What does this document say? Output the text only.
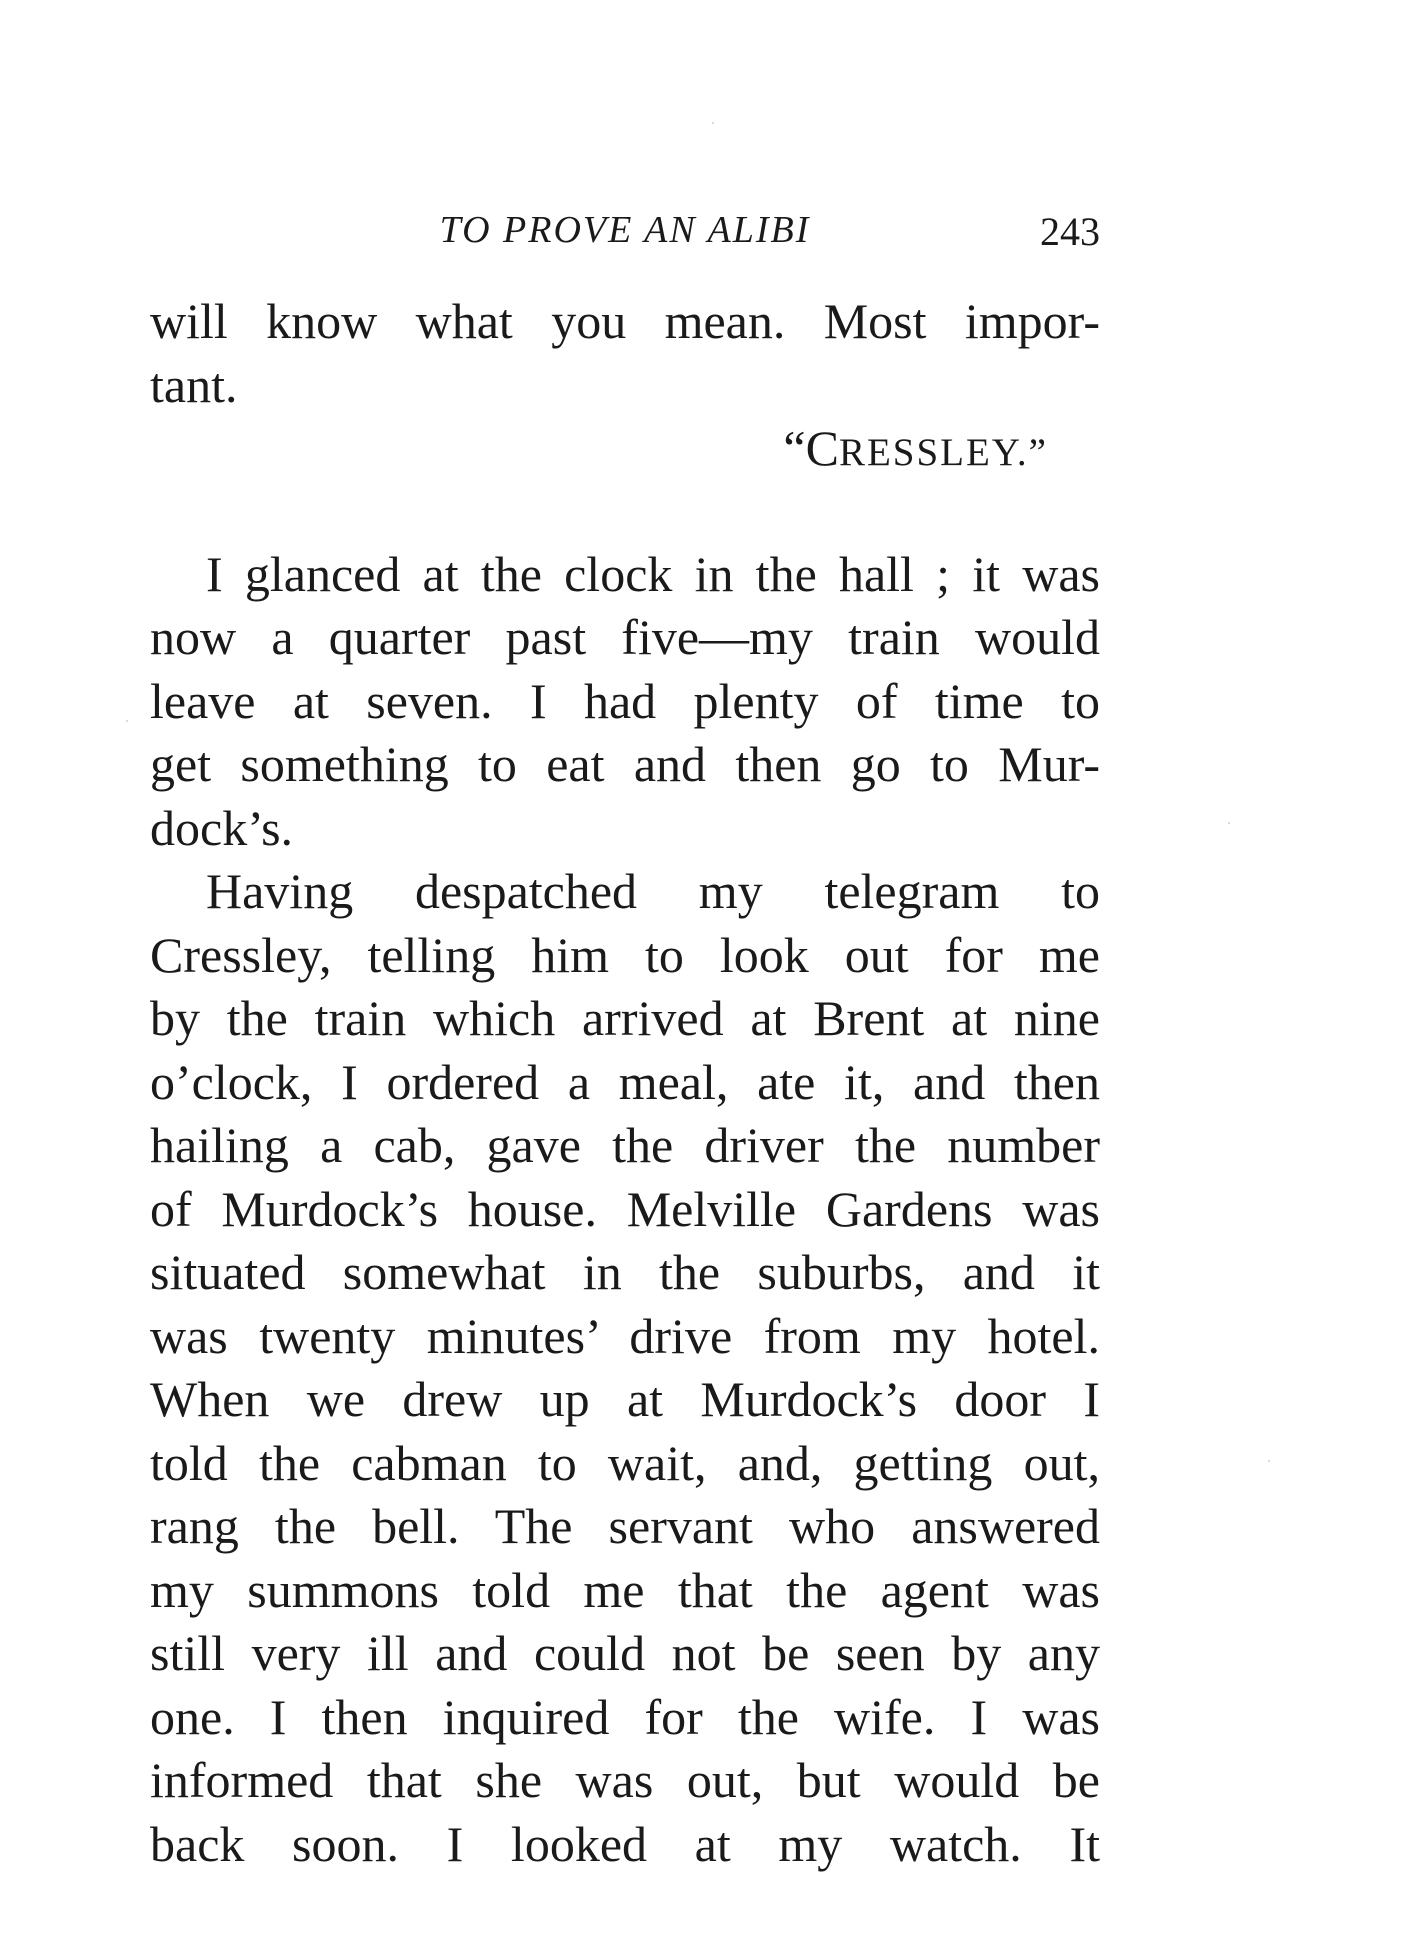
TO PROVE AN ALIBI	243
will know what you mean. Most impor-
tant.
“CRESSLEY.”
I glanced at the clock in the hall ; it was
now a quarter past five—my train would
leave at seven. I had plenty of time to
get something to eat and then go to Mur-
dock’s.
Having despatched my telegram to
Cressley, telling him to look out for me
by the train which arrived at Brent at nine
o’clock, I ordered a meal, ate it, and then
hailing a cab, gave the driver the number
of Murdock’s house. Melville Gardens was
situated somewhat in the suburbs, and it
was twenty minutes’ drive from my hotel.
When we drew up at Murdock’s door I
told the cabman to wait, and, getting out,
rang the bell. The servant who answered
my summons told me that the agent was
still very ill and could not be seen by any
one. I then inquired for the wife. I was
informed that she was out, but would be
back soon. I looked at my watch. It
